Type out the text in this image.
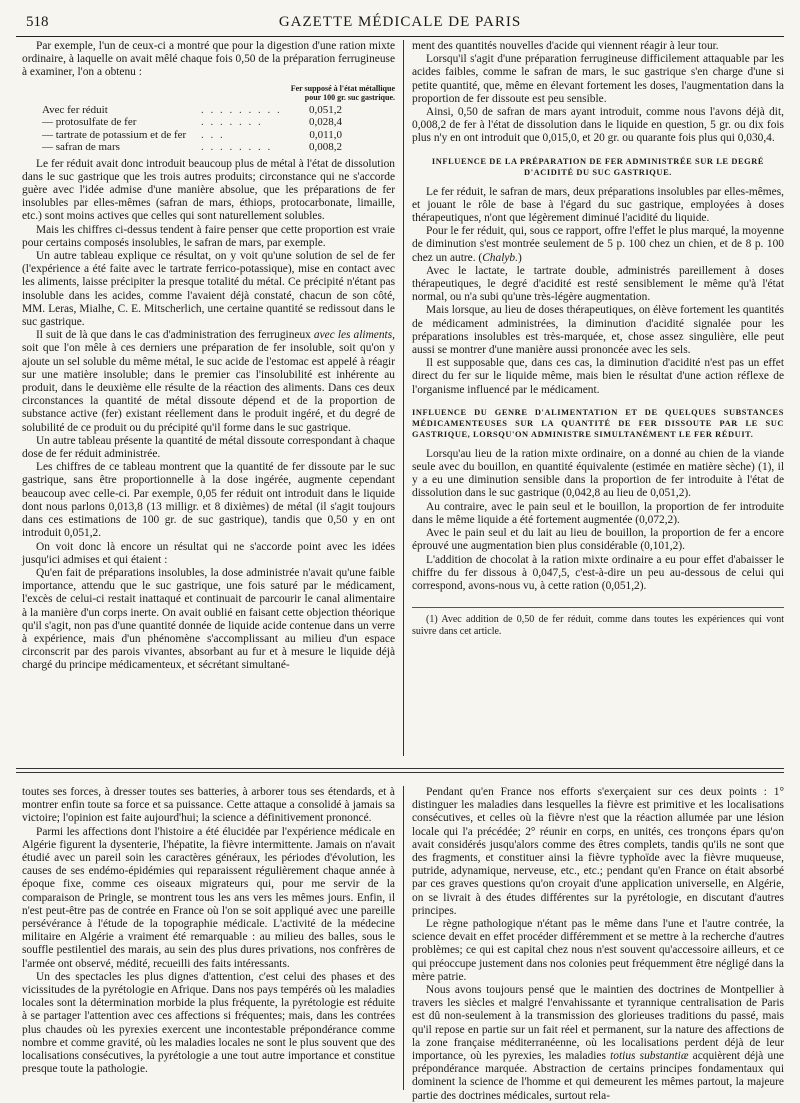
518	GAZETTE MÉDICALE DE PARIS

Par exemple, l'un de ceux-ci a montré que pour la digestion d'une ration mixte ordinaire, à laquelle on avait mêlé chaque fois 0,50 de la préparation ferrugineuse à examiner, l'on a obtenu :

Fer supposé à l'état métallique
pour 100 gr. suc gastrique.
Avec fer réduit	. . . . . . . . .	0,051,2
— protosulfate de fer	. . . . . . .	0,028,4
— tartrate de potassium et de fer	. . .	0,011,0
— safran de mars	. . . . . . . .	0,008,2

Le fer réduit avait donc introduit beaucoup plus de métal à l'état de dissolution dans le suc gastrique que les trois autres produits; circonstance qui ne s'accorde guère avec l'idée admise d'une manière absolue, que les préparations de fer insolubles par elles-mêmes (safran de mars, éthiops, protocarbonate, limaille, etc.) sont moins actives que celles qui sont naturellement solubles.

Mais les chiffres ci-dessus tendent à faire penser que cette proportion est vraie pour certains composés insolubles, le safran de mars, par exemple.

Un autre tableau explique ce résultat, on y voit qu'une solution de sel de fer (l'expérience a été faite avec le tartrate ferrico-potassique), mise en contact avec les aliments, laisse précipiter la presque totalité du métal. Ce précipité n'étant pas insoluble dans les acides, comme l'avaient déjà constaté, chacun de son côté, MM. Leras, Mialhe, C. E. Mitscherlich, une certaine quantité se redissout dans le suc gastrique.

Il suit de là que dans le cas d'administration des ferrugineux avec les aliments, soit que l'on mêle à ces derniers une préparation de fer insoluble, soit qu'on y ajoute un sel soluble du même métal, le suc acide de l'estomac est appelé à réagir sur une matière insoluble; dans le premier cas l'insolubilité est inhérente au produit, dans le deuxième elle résulte de la réaction des aliments. Dans ces deux circonstances la quantité de métal dissoute dépend et de la proportion de substance active (fer) existant réellement dans le produit ingéré, et du degré de solubilité de ce produit ou du précipité qu'il forme dans le suc gastrique.

Un autre tableau présente la quantité de métal dissoute correspondant à chaque dose de fer réduit administrée.

Les chiffres de ce tableau montrent que la quantité de fer dissoute par le suc gastrique, sans être proportionnelle à la dose ingérée, augmente cependant beaucoup avec celle-ci. Par exemple, 0,05 fer réduit ont introduit dans le liquide dont nous parlons 0,013,8 (13 milligr. et 8 dixièmes) de métal (il s'agit toujours dans ces estimations de 100 gr. de suc gastrique), tandis que 0,50 y en ont introduit 0,051,2.

On voit donc là encore un résultat qui ne s'accorde point avec les idées jusqu'ici admises et qui étaient :

Qu'en fait de préparations insolubles, la dose administrée n'avait qu'une faible importance, attendu que le suc gastrique, une fois saturé par le médicament, l'excès de celui-ci restait inattaqué et continuait de parcourir le canal alimentaire à la manière d'un corps inerte. On avait oublié en faisant cette objection théorique qu'il s'agit, non pas d'une quantité donnée de liquide acide contenue dans un verre à expérience, mais d'un phénomène s'accomplissant au milieu d'un espace circonscrit par des parois vivantes, absorbant au fur et à mesure le liquide déjà chargé du principe médicamenteux, et sécrétant simultané-

ment des quantités nouvelles d'acide qui viennent réagir à leur tour.

Lorsqu'il s'agit d'une préparation ferrugineuse difficilement attaquable par les acides faibles, comme le safran de mars, le suc gastrique s'en charge d'une si petite quantité, que, même en élevant fortement les doses, l'augmentation dans la proportion de fer dissoute est peu sensible.

Ainsi, 0,50 de safran de mars ayant introduit, comme nous l'avons déjà dit, 0,008,2 de fer à l'état de dissolution dans le liquide en question, 5 gr. ou dix fois plus n'y en ont introduit que 0,015,0, et 20 gr. ou quarante fois plus qui 0,030,4.

INFLUENCE DE LA PRÉPARATION DE FER ADMINISTRÉE SUR LE DEGRÉ D'ACIDITÉ DU SUC GASTRIQUE.

Le fer réduit, le safran de mars, deux préparations insolubles par elles-mêmes, et jouant le rôle de base à l'égard du suc gastrique, employées à doses thérapeutiques, n'ont que légèrement diminué l'acidité du liquide.

Pour le fer réduit, qui, sous ce rapport, offre l'effet le plus marqué, la moyenne de diminution s'est montrée seulement de 5 p. 100 chez un chien, et de 8 p. 100 chez un autre. (Chalyb.)

Avec le lactate, le tartrate double, administrés pareillement à doses thérapeutiques, le degré d'acidité est resté sensiblement le même qu'à l'état normal, ou n'a subi qu'une très-légère augmentation.

Mais lorsque, au lieu de doses thérapeutiques, on élève fortement les quantités de médicament administrées, la diminution d'acidité signalée pour les préparations insolubles est très-marquée, et, chose assez singulière, elle peut aussi se montrer d'une manière aussi prononcée avec les sels.

Il est supposable que, dans ces cas, la diminution d'acidité n'est pas un effet direct du fer sur le liquide même, mais bien le résultat d'une action réflexe de l'organisme influencé par le médicament.

INFLUENCE DU GENRE D'ALIMENTATION ET DE QUELQUES SUBSTANCES MÉDICAMENTEUSES SUR LA QUANTITÉ DE FER DISSOUTE PAR LE SUC GASTRIQUE, LORSQU'ON ADMINISTRE SIMULTANÉMENT LE FER RÉDUIT.

Lorsqu'au lieu de la ration mixte ordinaire, on a donné au chien de la viande seule avec du bouillon, en quantité équivalente (estimée en matière sèche) (1), il y a eu une diminution sensible dans la proportion de fer introduite à l'état de dissolution dans le suc gastrique (0,042,8 au lieu de 0,051,2).

Au contraire, avec le pain seul et le bouillon, la proportion de fer introduite dans le même liquide a été fortement augmentée (0,072,2).

Avec le pain seul et du lait au lieu de bouillon, la proportion de fer a encore éprouvé une augmentation bien plus considérable (0,101,2).

L'addition de chocolat à la ration mixte ordinaire a eu pour effet d'abaisser le chiffre du fer dissous à 0,047,5, c'est-à-dire un peu au-dessous de celui qui correspond, avons-nous vu, à cette ration (0,051,2).

(1) Avec addition de 0,50 de fer réduit, comme dans toutes les expériences qui vont suivre dans cet article.

toutes ses forces, à dresser toutes ses batteries, à arborer tous ses étendards, et à montrer enfin toute sa force et sa puissance. Cette attaque a consolidé à jamais sa victoire; l'opinion est faite aujourd'hui; la science a définitivement prononcé.

Parmi les affections dont l'histoire a été élucidée par l'expérience médicale en Algérie figurent la dysenterie, l'hépatite, la fièvre intermittente. Jamais on n'avait étudié avec un pareil soin les caractères généraux, les périodes d'évolution, les causes de ses endémo-épidémies qui reparaissent régulièrement chaque année à époque fixe, comme ces oiseaux migrateurs qui, pour me servir de la comparaison de Pringle, se montrent tous les ans vers les mêmes jours. Enfin, il n'est peut-être pas de contrée en France où l'on se soit appliqué avec une pareille persévérance à l'étude de la topographie médicale. L'activité de la médecine militaire en Algérie a vraiment été remarquable : au milieu des balles, sous le souffle pestilentiel des marais, au sein des plus dures privations, nos confrères de l'armée ont observé, médité, recueilli des faits intéressants.

Un des spectacles les plus dignes d'attention, c'est celui des phases et des vicissitudes de la pyrétologie en Afrique. Dans nos pays tempérés où les maladies locales sont la détermination morbide la plus fréquente, la pyrétologie est réduite à se partager l'attention avec ces affections si fréquentes; mais, dans les contrées plus chaudes où les pyrexies exercent une incontestable prépondérance comme nombre et comme gravité, où les maladies locales ne sont le plus souvent que des localisations consécutives, la pyrétologie a une tout autre importance et constitue presque toute la pathologie.

Pendant qu'en France nos efforts s'exerçaient sur ces deux points : 1° distinguer les maladies dans lesquelles la fièvre est primitive et les localisations consécutives, et celles où la fièvre n'est que la réaction allumée par une lésion locale qui l'a précédée; 2° réunir en corps, en unités, ces tronçons épars qu'on avait considérés jusqu'alors comme des êtres complets, tandis qu'ils ne sont que des fragments, et constituer ainsi la fièvre typhoïde avec la fièvre muqueuse, putride, adynamique, nerveuse, etc., etc.; pendant qu'en France on était absorbé par ces graves questions qu'on croyait d'une application universelle, en Algérie, on se livrait à des études différentes sur la pyrétologie, en discutant d'autres principes.

Le règne pathologique n'étant pas le même dans l'une et l'autre contrée, la science devait en effet procéder différemment et se mettre à la recherche d'autres problèmes; ce qui est capital chez nous n'est souvent qu'accessoire ailleurs, et ce qui préoccupe justement dans nos colonies peut fréquemment être négligé dans la mère patrie.

Nous avons toujours pensé que le maintien des doctrines de Montpellier à travers les siècles et malgré l'envahissante et tyrannique centralisation de Paris est dû non-seulement à la transmission des glorieuses traditions du passé, mais qu'il repose en partie sur un fait réel et permanent, sur la nature des affections de la zone française méditerranéenne, où les localisations perdent déjà de leur importance, où les pyrexies, les maladies totius substantiæ acquièrent déjà une prépondérance marquée. Abstraction de certains principes fondamentaux qui dominent la science de l'homme et qui demeurent les mêmes partout, la majeure partie des doctrines médicales, surtout rela-
